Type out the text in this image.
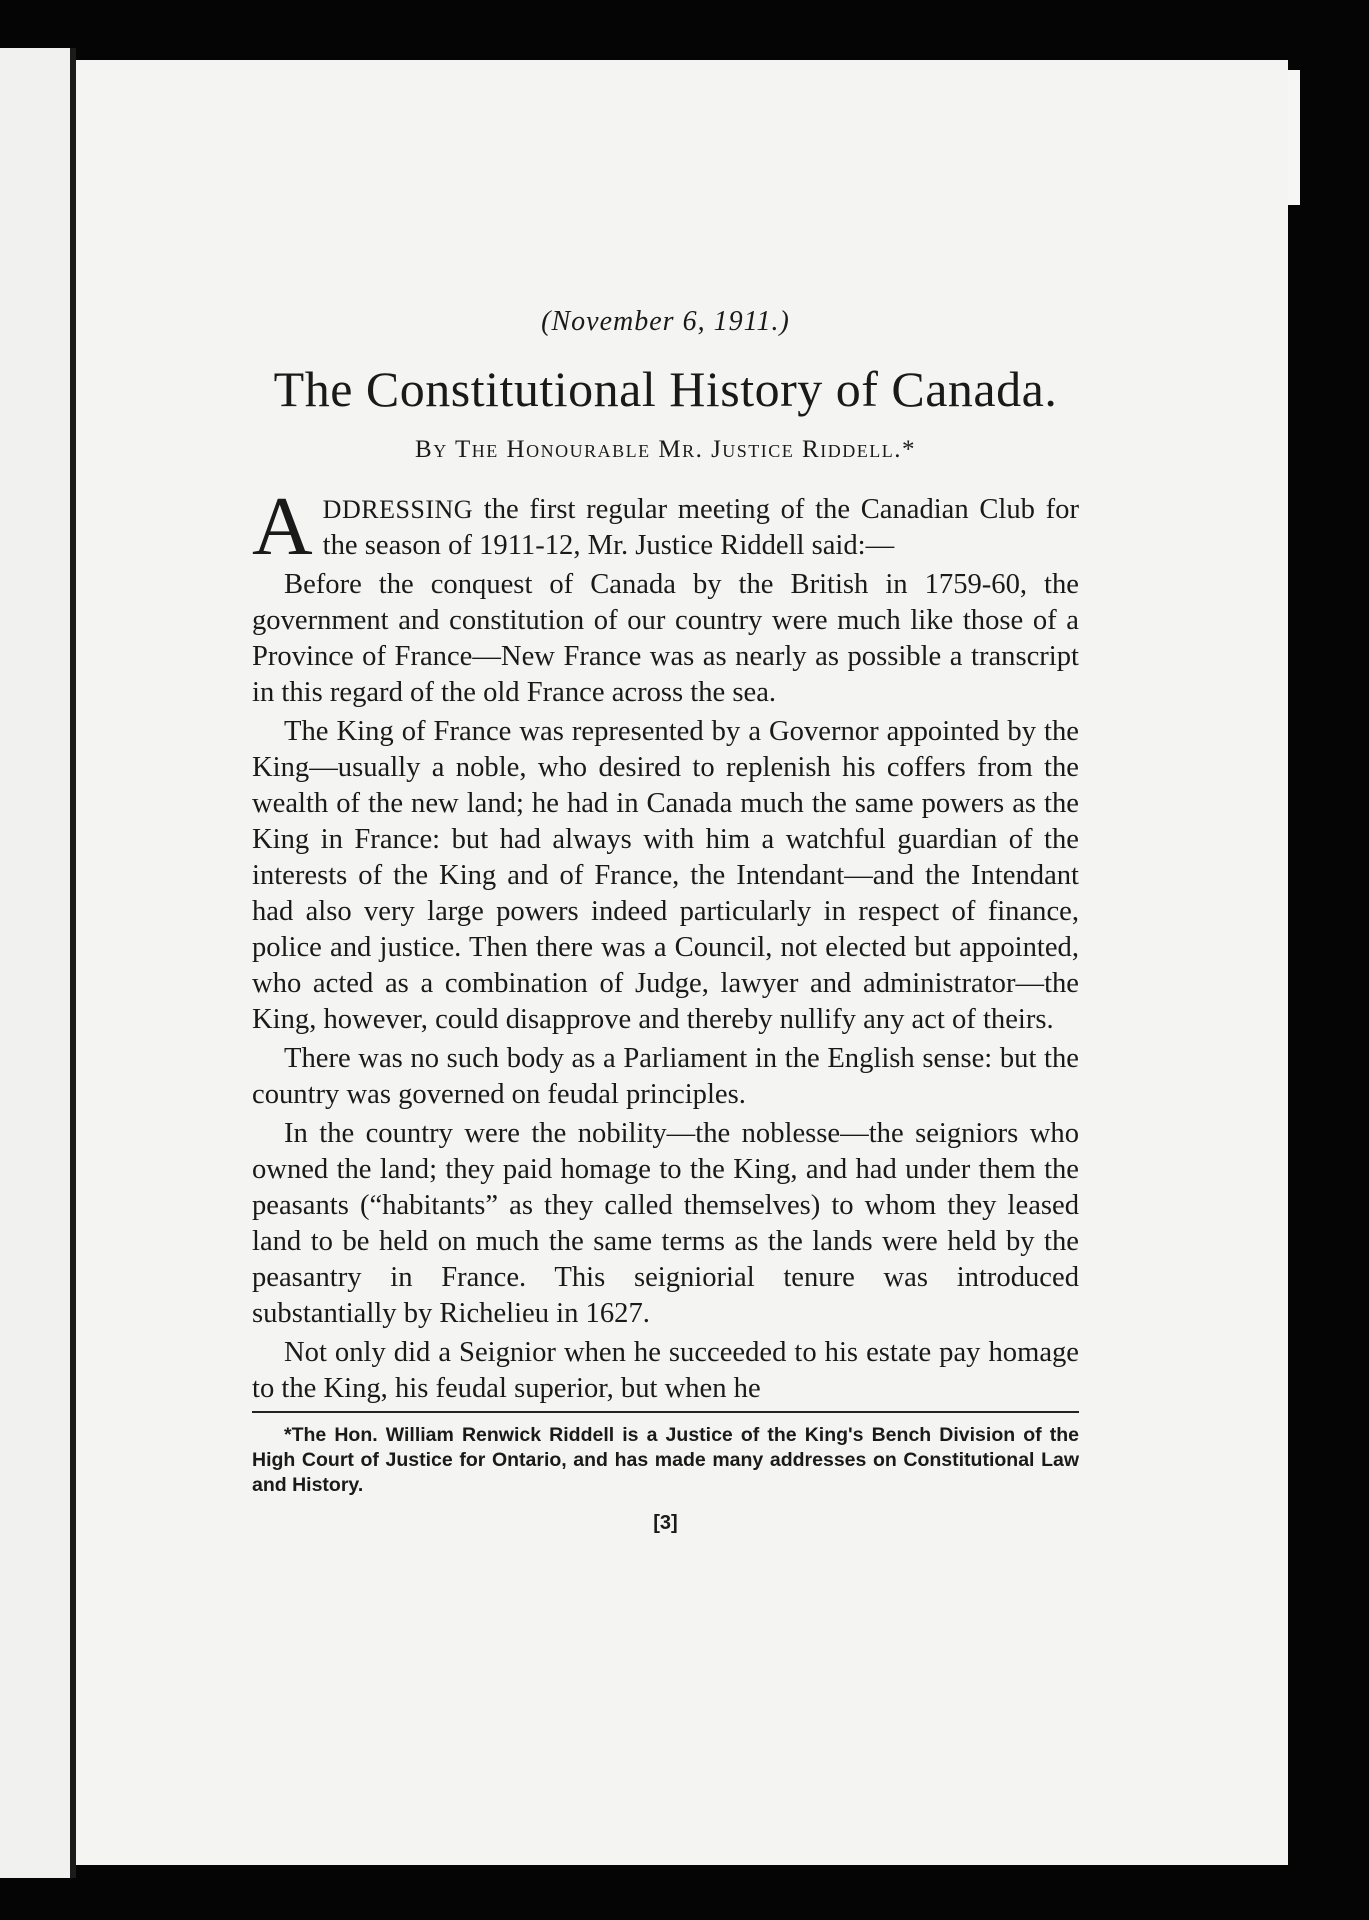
(November 6, 1911.)
The Constitutional History of Canada.
By The Honourable Mr. Justice Riddell.*

ADDRESSING the first regular meeting of the Canadian Club for the season of 1911-12, Mr. Justice Riddell said:—

Before the conquest of Canada by the British in 1759-60, the government and constitution of our country were much like those of a Province of France—New France was as nearly as possible a transcript in this regard of the old France across the sea.

The King of France was represented by a Governor appointed by the King—usually a noble, who desired to replenish his coffers from the wealth of the new land; he had in Canada much the same powers as the King in France: but had always with him a watchful guardian of the interests of the King and of France, the Intendant—and the Intendant had also very large powers indeed particularly in respect of finance, police and justice. Then there was a Council, not elected but appointed, who acted as a combination of Judge, lawyer and administrator—the King, however, could disapprove and thereby nullify any act of theirs.

There was no such body as a Parliament in the English sense: but the country was governed on feudal principles.

In the country were the nobility—the noblesse—the seigniors who owned the land; they paid homage to the King, and had under them the peasants (“habitants” as they called themselves) to whom they leased land to be held on much the same terms as the lands were held by the peasantry in France. This seigniorial tenure was introduced substantially by Richelieu in 1627.

Not only did a Seignior when he succeeded to his estate pay homage to the King, his feudal superior, but when he

*The Hon. William Renwick Riddell is a Justice of the King's Bench Division of the High Court of Justice for Ontario, and has made many addresses on Constitutional Law and History.

[3]
